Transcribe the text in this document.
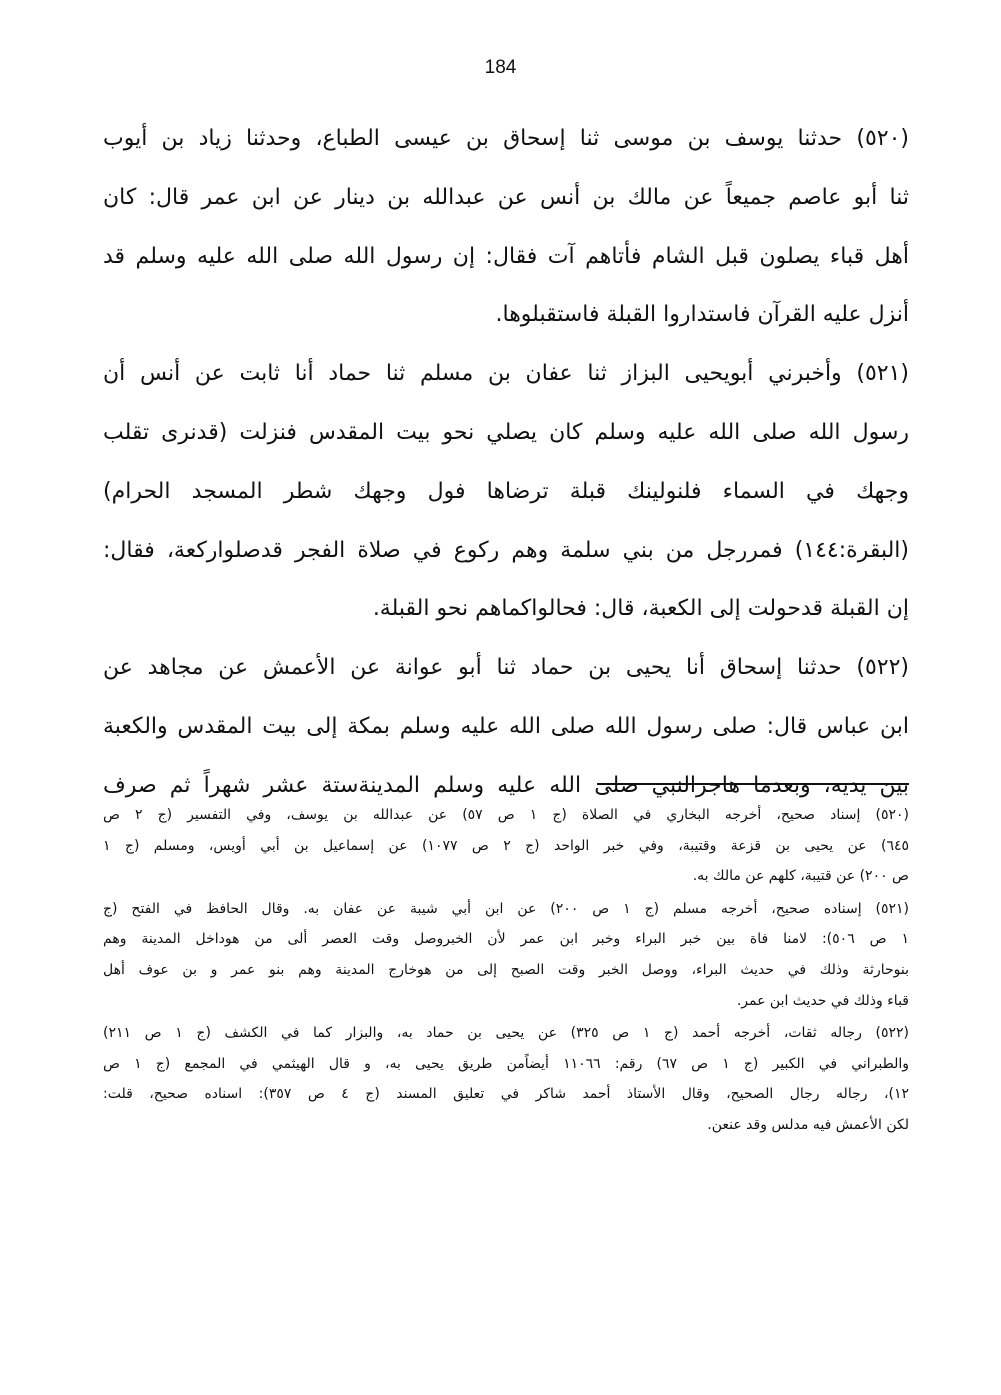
184
(٥٢٠) حدثنا يوسف بن موسى ثنا إسحاق بن عيسى الطباع، وحدثنا زياد بن أيوب
ثنا أبو عاصم جميعاً عن مالك بن أنس عن عبدالله بن دينار عن ابن عمر قال: كان
أهل قباء يصلون قبل الشام فأتاهم آت فقال: إن رسول الله صلى الله عليه وسلم قد
أنزل عليه القرآن فاستداروا القبلة فاستقبلوها.
(٥٢١) وأخبرني أبويحيى البزاز ثنا عفان بن مسلم ثنا حماد أنا ثابت عن أنس أن
رسول الله صلى الله عليه وسلم كان يصلي نحو بيت المقدس فنزلت (قدنرى تقلب
وجهك في السماء فلنولينك قبلة ترضاها فول وجهك شطر المسجد الحرام)
(البقرة:١٤٤) فمررجل من بني سلمة وهم ركوع في صلاة الفجر قدصلواركعة، فقال:
إن القبلة قدحولت إلى الكعبة، قال: فحالواكماهم نحو القبلة.
(٥٢٢) حدثنا إسحاق أنا يحيى بن حماد ثنا أبو عوانة عن الأعمش عن مجاهد عن
ابن عباس قال: صلى رسول الله صلى الله عليه وسلم بمكة إلى بيت المقدس والكعبة
بين يديه، وبعدما هاجرالنبي صلى الله عليه وسلم المدينةستة عشر شهراً ثم صرف
(٥٢٠) إسناد صحيح، أخرجه البخاري في الصلاة (ج ١ ص ٥٧) عن عبدالله بن يوسف، وفي التفسير (ج ٢ ص
٦٤٥) عن يحيى بن قزعة وقتيبة، وفي خبر الواحد (ج ٢ ص ١٠٧٧) عن إسماعيل بن أبي أويس، ومسلم (ج ١
ص ٢٠٠) عن قتيبة، كلهم عن مالك به.
(٥٢١) إسناده صحيح، أخرجه مسلم (ج ١ ص ٢٠٠) عن ابن أبي شيبة عن عفان به. وقال الحافظ في الفتح (ج
١ ص ٥٠٦): لامنا فاة بين خبر البراء وخبر ابن عمر لأن الخبروصل وقت العصر ألى من هوداخل المدينة وهم
بنوحارثة وذلك في حديث البراء، ووصل الخبر وقت الصبح إلى من هوخارج المدينة وهم بنو عمر و بن عوف أهل
قباء وذلك في حديث ابن عمر.
(٥٢٢) رجاله ثقات، أخرجه أحمد (ج ١ ص ٣٢٥) عن يحيى بن حماد به، والبزار كما في الكشف (ج ١ ص ٢١١)
والطبراني في الكبير (ج ١ ص ٦٧) رقم: ١١٠٦٦ أيضاًمن طريق يحيى به، و قال الهيثمي في المجمع (ج ١ ص
١٢)، رجاله رجال الصحيح، وقال الأستاذ أحمد شاكر في تعليق المسند (ج ٤ ص ٣٥٧): اسناده صحيح، قلت:
لكن الأعمش فيه مدلس وقد عنعن.
